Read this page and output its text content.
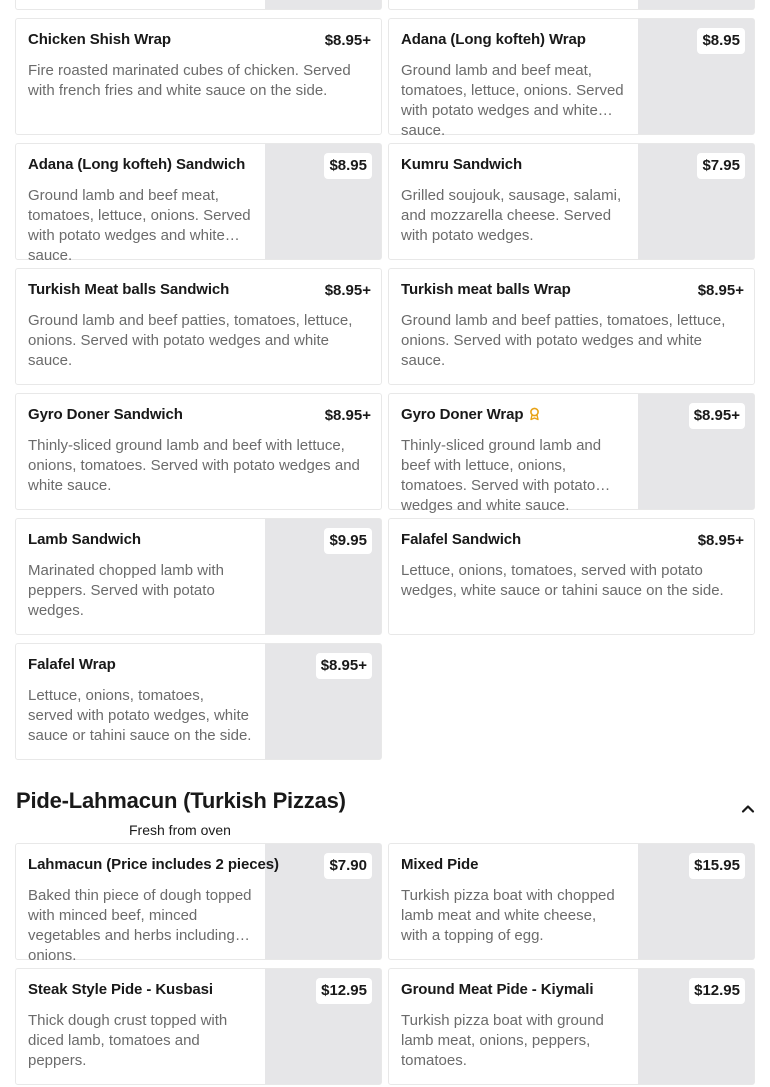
Chicken Shish Wrap
Fire roasted marinated cubes of chicken. Served with french fries and white sauce on the side.
$8.95+ Adana (Long kofteh) Wrap
Ground lamb and beef meat, tomatoes, lettuce, onions. Served with potato wedges and white sauce.
$8.95
Adana (Long kofteh) Sandwich
Ground lamb and beef meat, tomatoes, lettuce, onions. Served with potato wedges and white sauce.
$8.95	Kumru Sandwich
Grilled soujouk, sausage, salami, and mozzarella cheese. Served with potato wedges.
$7.95
Turkish Meat balls Sandwich
Ground lamb and beef patties, tomatoes, lettuce, onions. Served with potato wedges and white sauce.
$8.95+ Turkish meat balls Wrap
Ground lamb and beef patties, tomatoes, lettuce, onions. Served with potato wedges and white sauce.
$8.95+
Gyro Doner Sandwich
Thinly-sliced ground lamb and beef with lettuce, onions, tomatoes. Served with potato wedges and white sauce.
$8.95+ Gyro Doner Wrap
Thinly-sliced ground lamb and beef with lettuce, onions, tomatoes. Served with potato wedges and white sauce.
$8.95+
Lamb Sandwich
Marinated chopped lamb with peppers. Served with potato wedges.
$9.95	Falafel Sandwich
Lettuce, onions, tomatoes, served with potato wedges, white sauce or tahini sauce on the side.
$8.95+
Falafel Wrap
Lettuce, onions, tomatoes, served with potato wedges, white sauce or tahini sauce on the side.
$8.95+
Pide-Lahmacun (Turkish Pizzas)
Fresh from oven
Lahmacun (Price includes 2 pieces)
Baked thin piece of dough topped with minced beef, minced vegetables and herbs including onions.
$7.90	Mixed Pide
Turkish pizza boat with chopped lamb meat and white cheese, with a topping of egg.
$15.95
Steak Style Pide - Kusbasi
Thick dough crust topped with diced lamb, tomatoes and peppers.
$12.95	Ground Meat Pide - Kiymali
Turkish pizza boat with ground lamb meat, onions, peppers, tomatoes.
$12.95
